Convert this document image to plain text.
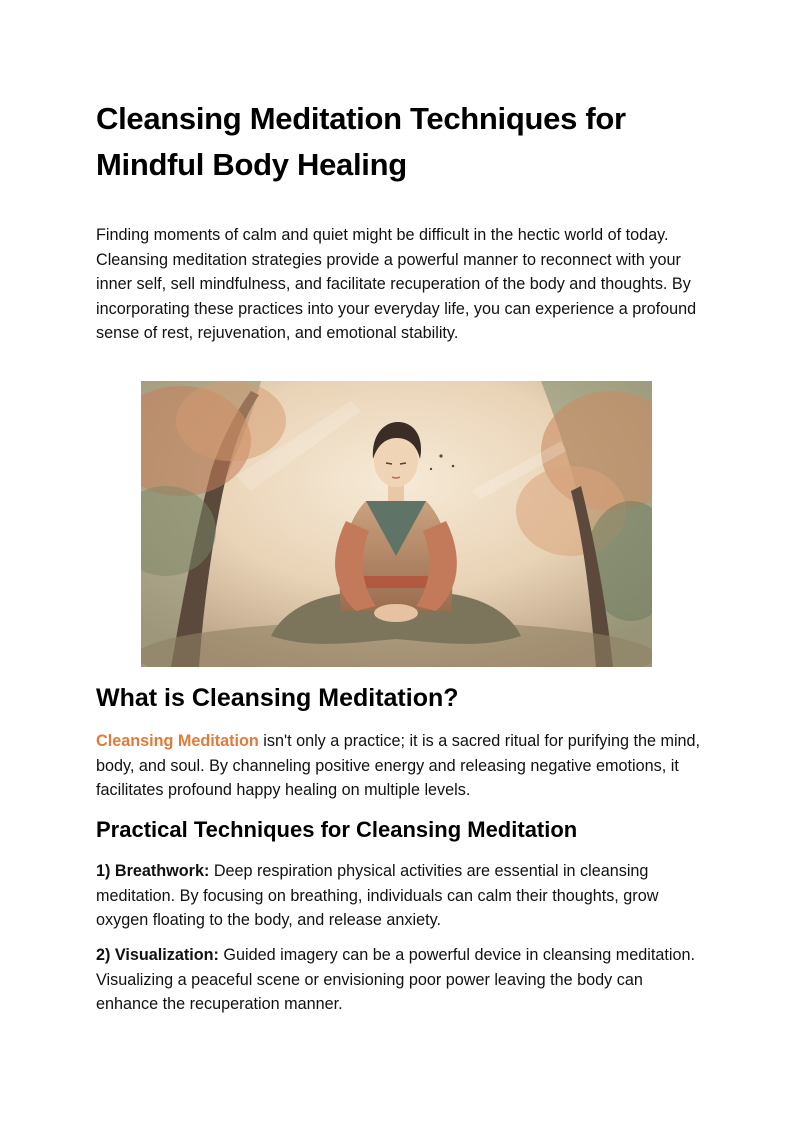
Cleansing Meditation Techniques for Mindful Body Healing

Finding moments of calm and quiet might be difficult in the hectic world of today. Cleansing meditation strategies provide a powerful manner to reconnect with your inner self, sell mindfulness, and facilitate recuperation of the body and thoughts. By incorporating these practices into your everyday life, you can experience a profound sense of rest, rejuvenation, and emotional stability.

What is Cleansing Meditation?

Cleansing Meditation isn't only a practice; it is a sacred ritual for purifying the mind, body, and soul. By channeling positive energy and releasing negative emotions, it facilitates profound happy healing on multiple levels.

Practical Techniques for Cleansing Meditation

1) Breathwork: Deep respiration physical activities are essential in cleansing meditation. By focusing on breathing, individuals can calm their thoughts, grow oxygen floating to the body, and release anxiety.

2) Visualization: Guided imagery can be a powerful device in cleansing meditation. Visualizing a peaceful scene or envisioning poor power leaving the body can enhance the recuperation manner.
